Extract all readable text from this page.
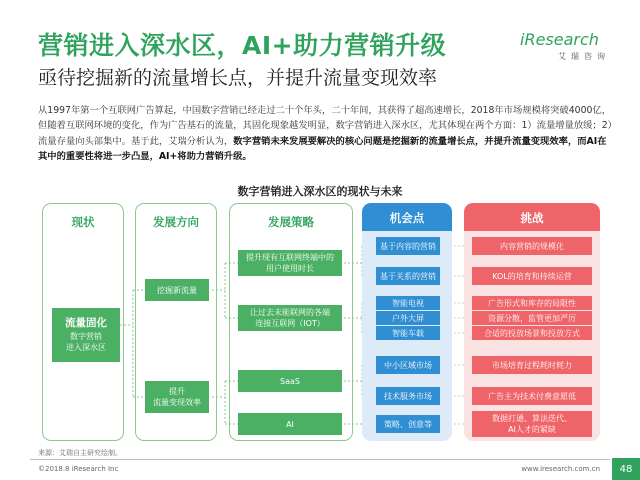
营销进入深水区，AI+助力营销升级
亟待挖掘新的流量增长点，并提升流量变现效率
iResearch
艾瑞咨询
从1997年第一个互联网广告算起，中国数字营销已经走过二十个年头，二十年间，其获得了超高速增长，2018年市场规模将突破4000亿，但随着互联网环境的变化，作为广告基石的流量，其固化现象越发明显，数字营销进入深水区，尤其体现在两个方面：1）流量增量放缓；2）流量存量向头部集中。基于此，艾瑞分析认为，数字营销未来发展要解决的核心问题是挖掘新的流量增长点，并提升流量变现效率，而AI在其中的重要性将进一步凸显，AI+将助力营销升级。
数字营销进入深水区的现状与未来
现状
流量固化
数字营销
进入深水区
发展方向
挖掘新流量
提升
流量变现效率
发展策略
提升现有互联网终端中的
用户使用时长
让过去未能联网的各端
连接互联网（IOT）
SaaS
AI
机会点
基于内容的营销
基于关系的营销
智能电视
户外大屏
智能车载
中小区域市场
技术服务市场
策略、创意等
挑战
内容营销的规模化
KOL的培育和持续运营
广告形式和库存的局限性
资源分散，监管更加严厉
合适的投放场景和投放方式
市场培育过程耗时耗力
广告主为技术付费意愿低
数据打通、算法迭代、
AI人才的紧缺
来源：艾瑞自主研究绘制。
©2018.8 iResearch Inc	www.iresearch.com.cn	48
